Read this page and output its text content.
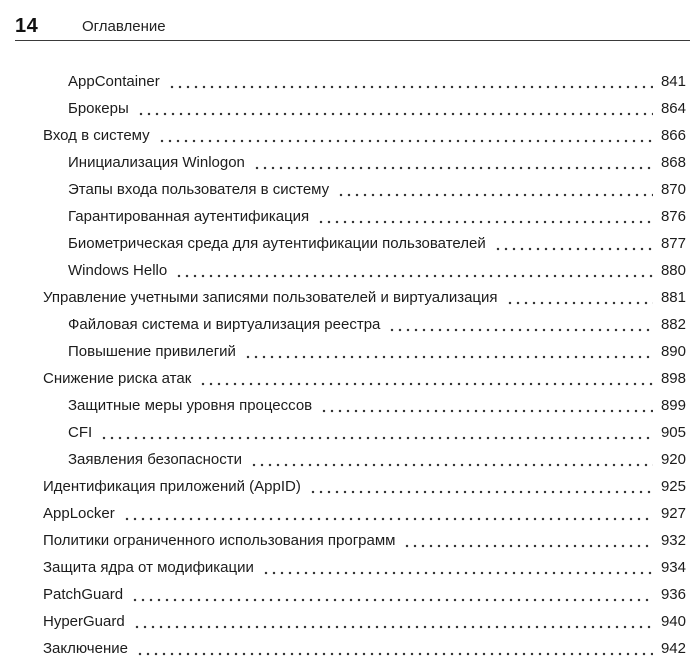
14	Оглавление
AppContainer	841
Брокеры	864
Вход в систему	866
Инициализация Winlogon	868
Этапы входа пользователя в систему	870
Гарантированная аутентификация	876
Биометрическая среда для аутентификации пользователей	877
Windows Hello	880
Управление учетными записями пользователей и виртуализация	881
Файловая система и виртуализация реестра	882
Повышение привилегий	890
Снижение риска атак	898
Защитные меры уровня процессов	899
CFI	905
Заявления безопасности	920
Идентификация приложений (AppID)	925
AppLocker	927
Политики ограниченного использования программ	932
Защита ядра от модификации	934
PatchGuard	936
HyperGuard	940
Заключение	942
